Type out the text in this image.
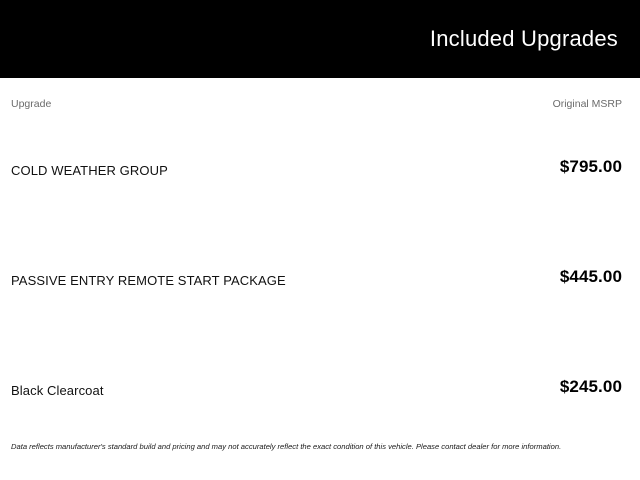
Included Upgrades
Upgrade	Original MSRP
COLD WEATHER GROUP	$795.00
PASSIVE ENTRY REMOTE START PACKAGE	$445.00
Black Clearcoat	$245.00
Data reflects manufacturer's standard build and pricing and may not accurately reflect the exact condition of this vehicle. Please contact dealer for more information.
